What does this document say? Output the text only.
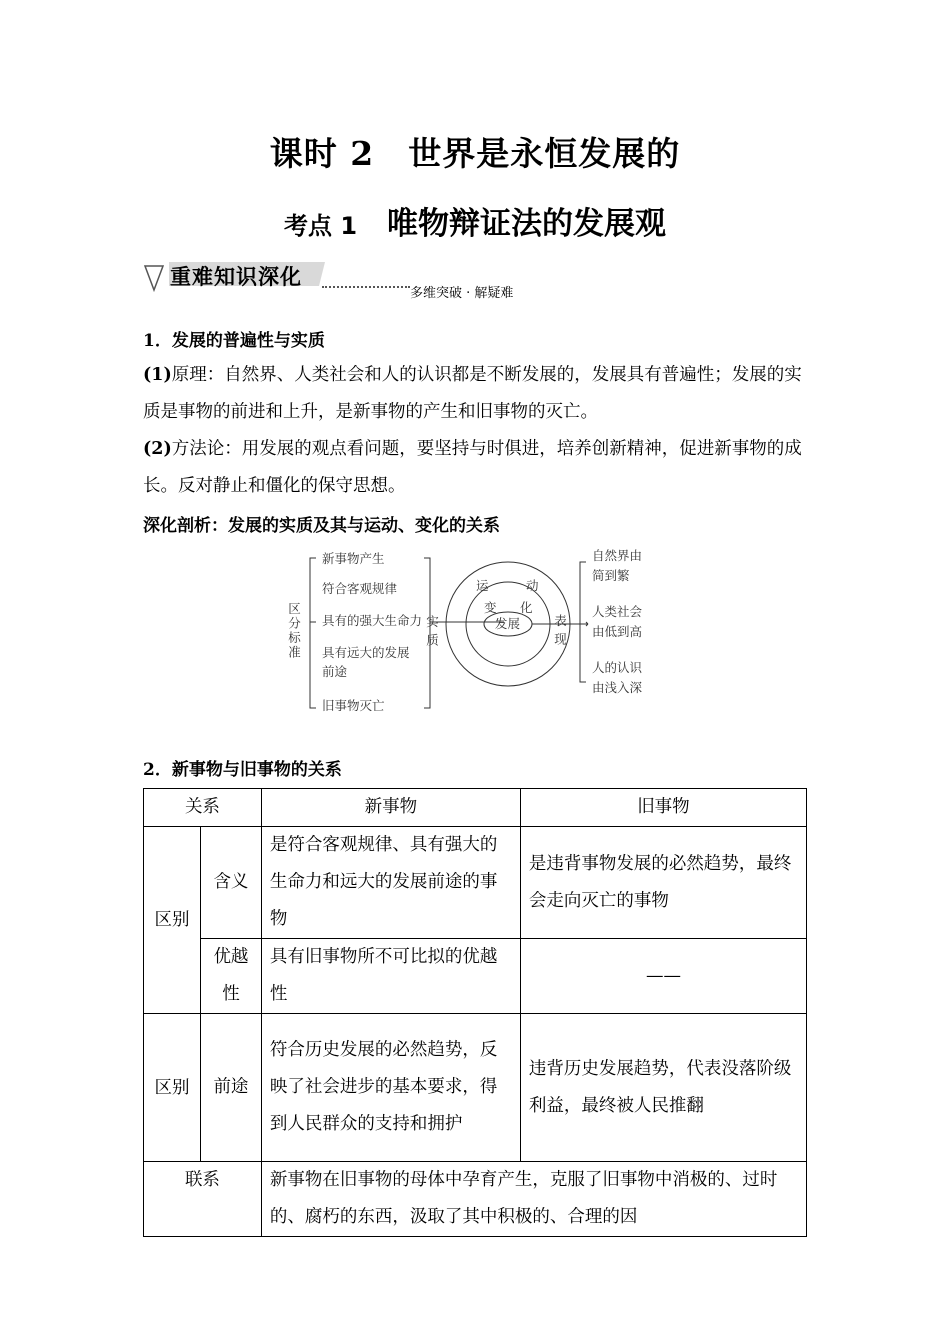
课时 2　世界是永恒发展的
考点 1 唯物辩证法的发展观
重难知识深化
多维突破 · 解疑难
1．发展的普遍性与实质
(1)原理：自然界、人类社会和人的认识都是不断发展的，发展具有普遍性；发展的实质是事物的前进和上升，是新事物的产生和旧事物的灭亡。
(2)方法论：用发展的观点看问题，要坚持与时俱进，培养创新精神，促进新事物的成长。反对静止和僵化的保守思想。
深化剖析：发展的实质及其与运动、变化的关系
区分标准
新事物产生
符合客观规律
具有的强大生命力
具有远大的发展
前途
旧事物灭亡
实质
运	动
变 化
发展	表现
自然界由
简到繁
人类社会
由低到高
人的认识
由浅入深
2．新事物与旧事物的关系
关系		新事物	旧事物
区别	含义	是符合客观规律、具有强大的生命力和远大的发展前途的事物	是违背事物发展的必然趋势，最终会走向灭亡的事物
	优越性	具有旧事物所不可比拟的优越性	——
区别	前途	符合历史发展的必然趋势，反映了社会进步的基本要求，得到人民群众的支持和拥护	违背历史发展趋势，代表没落阶级利益，最终被人民推翻
联系		新事物在旧事物的母体中孕育产生，克服了旧事物中消极的、过时的、腐朽的东西，汲取了其中积极的、合理的因	
